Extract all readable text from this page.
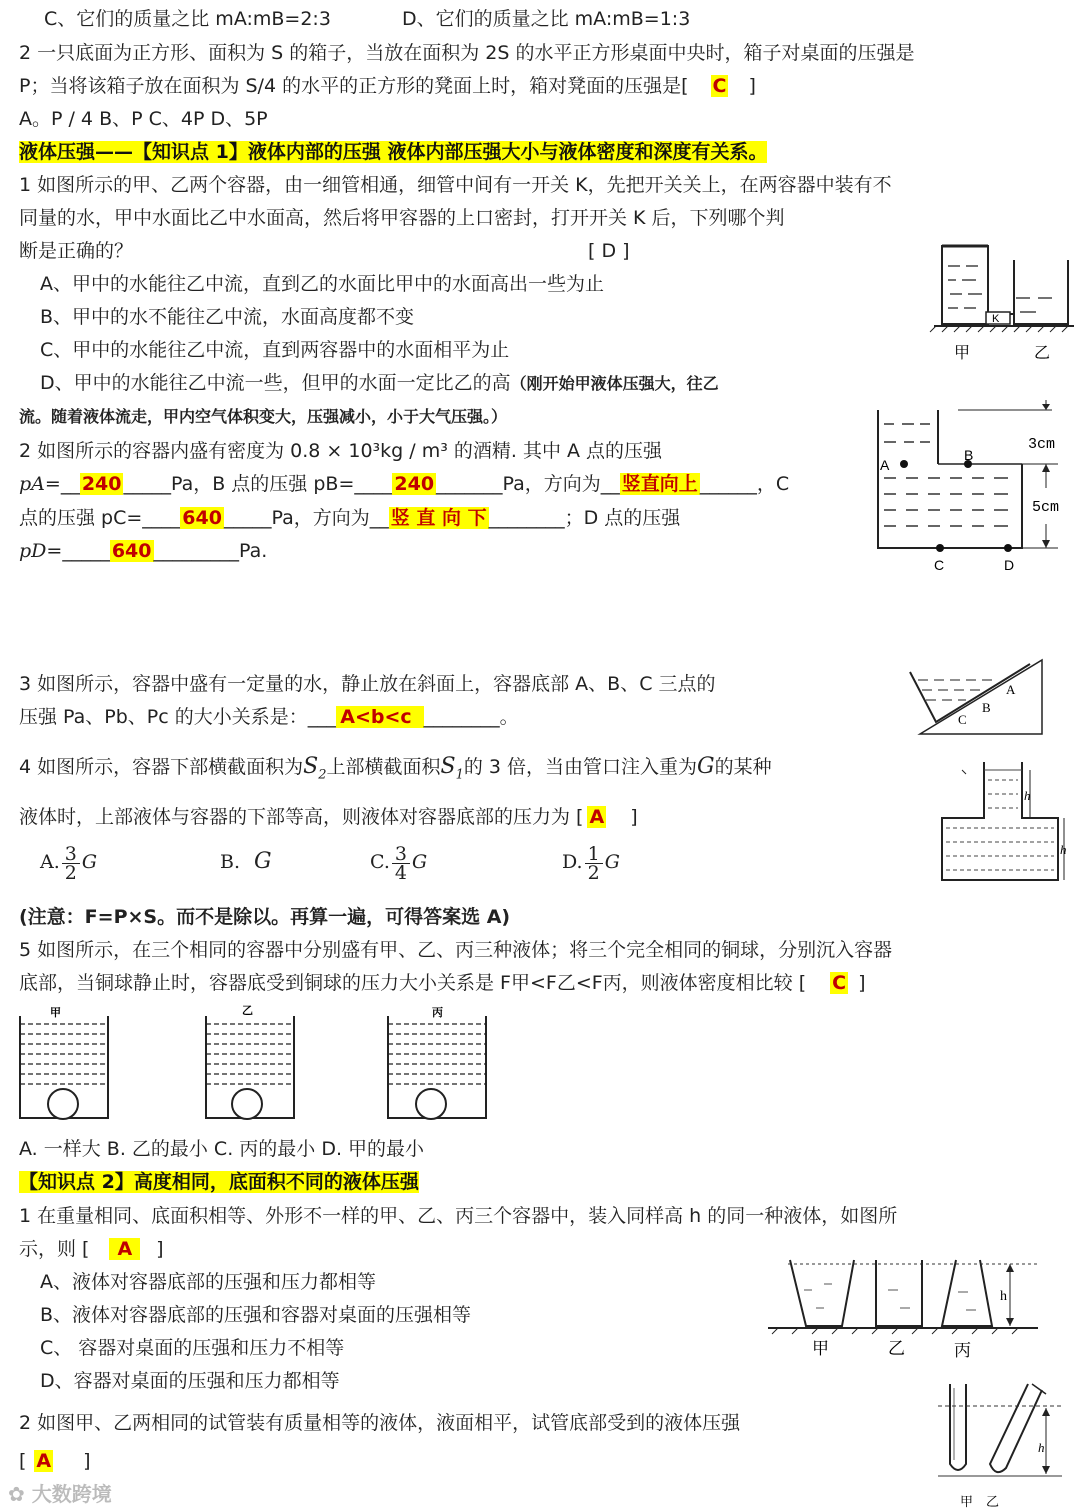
C、它们的质量之比 mA:mB=2:3	D、它们的质量之比 mA:mB=1:3
2 一只底面为正方形、面积为 S 的箱子，当放在面积为 2S 的水平正方形桌面中央时，箱子对桌面的压强是
P；当将该箱子放在面积为 S/4 的水平的正方形的凳面上时，箱对凳面的压强是[ C ]
A。P / 4 B、P C、4P D、5P
液体压强——【知识点 1】液体内部的压强 液体内部压强大小与液体密度和深度有关系。
1 如图所示的甲、乙两个容器，由一细管相通，细管中间有一开关 K，先把开关关上，在两容器中装有不
同量的水，甲中水面比乙中水面高，然后将甲容器的上口密封，打开开关 K 后，下列哪个判
断是正确的？	[ D ]
A、甲中的水能往乙中流，直到乙的水面比甲中的水面高出一些为止
B、甲中的水不能往乙中流，水面高度都不变
C、甲中的水能往乙中流，直到两容器中的水面相平为止
D、甲中的水能往乙中流一些，但甲的水面一定比乙的高（刚开始甲液体压强大，往乙
流。随着液体流走，甲内空气体积变大，压强减小，小于大气压强。）
K
甲	乙
2 如图所示的容器内盛有密度为 0.8 × 10³kg / m³ 的酒精. 其中 A 点的压强
pA=__ 240 _____Pa，B 点的压强 pB=____ 240 _______Pa，方向为__ 竖直向上 ______，C
点的压强 pC=____ 640 _____Pa，方向为__ 竖 直 向 下 ________；D 点的压强
pD=_____ 640 _________Pa.
A
B
C	D
3cm
5cm
3 如图所示，容器中盛有一定量的水，静止放在斜面上，容器底部 A、B、C 三点的
压强 Pa、Pb、Pc 的大小关系是：___ A<b<c ________。
A
B
C
4 如图所示，容器下部横截面积为$S_2$上部横截面积$S_1$的 3 倍，当由管口注入重为G的某种
液体时，上部液体与容器的下部等高，则液体对容器底部的压力为 [ A ]
A. $\frac{3}{2}$ G	B. G	C. $\frac{3}{4}$ G	D. $\frac{1}{2}$ G
(注意：F=P×S。而不是除以。再算一遍，可得答案选 A)
h
h
5 如图所示，在三个相同的容器中分别盛有甲、乙、丙三种液体；将三个完全相同的铜球，分别沉入容器
底部，当铜球静止时，容器底受到铜球的压力大小关系是 F甲<F乙<F丙，则液体密度相比较 [ C ]
甲	乙	丙
A. 一样大 B. 乙的最小 C. 丙的最小 D. 甲的最小
【知识点 2】高度相同，底面积不同的液体压强
1 在重量相同、底面积相等、外形不一样的甲、乙、丙三个容器中，装入同样高 h 的同一种液体，如图所
示，则 [ A ]
A、液体对容器底部的压强和压力都相等
B、液体对容器底部的压强和容器对桌面的压强相等
C、 容器对桌面的压强和压力不相等
D、容器对桌面的压强和压力都相等
h
甲	乙	丙
2 如图甲、乙两相同的试管装有质量相等的液体，液面相平，试管底部受到的液体压强
[ A ]
h
甲 乙
✿ 大数跨境
